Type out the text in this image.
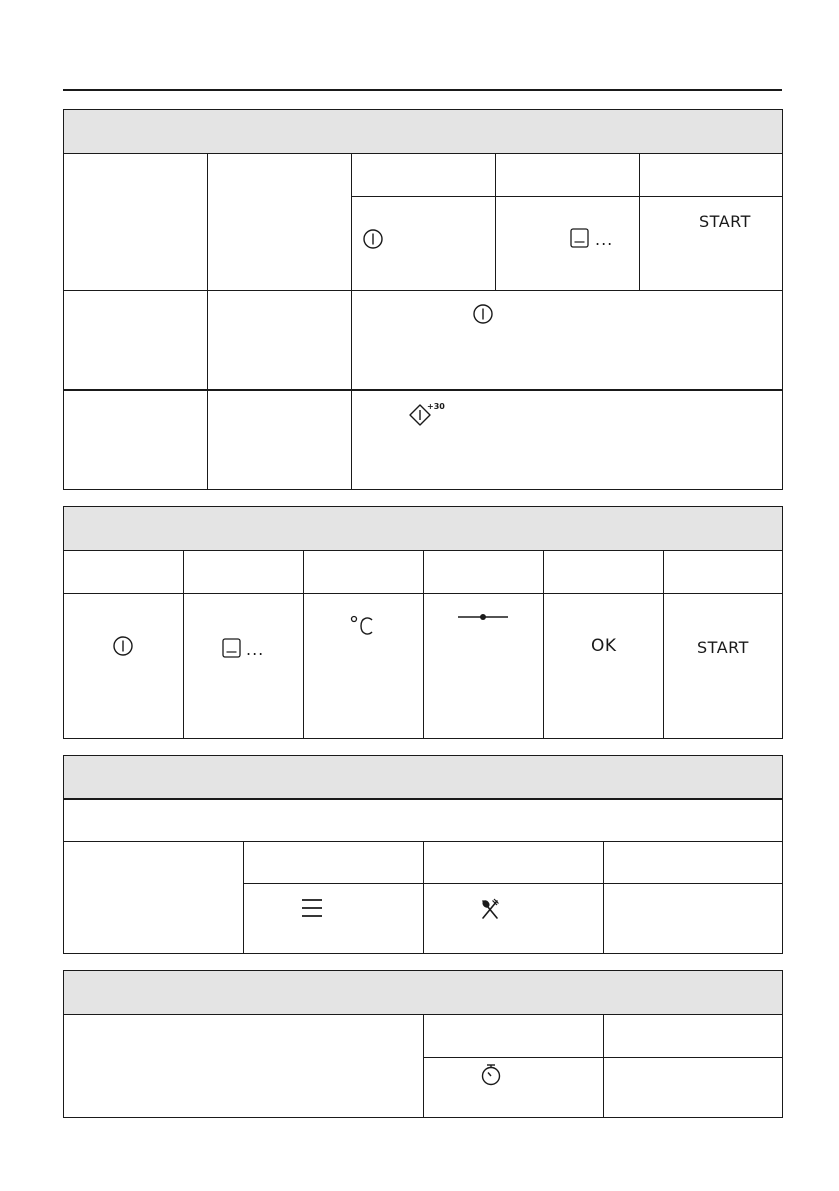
...
START
+30
...	OK	START
